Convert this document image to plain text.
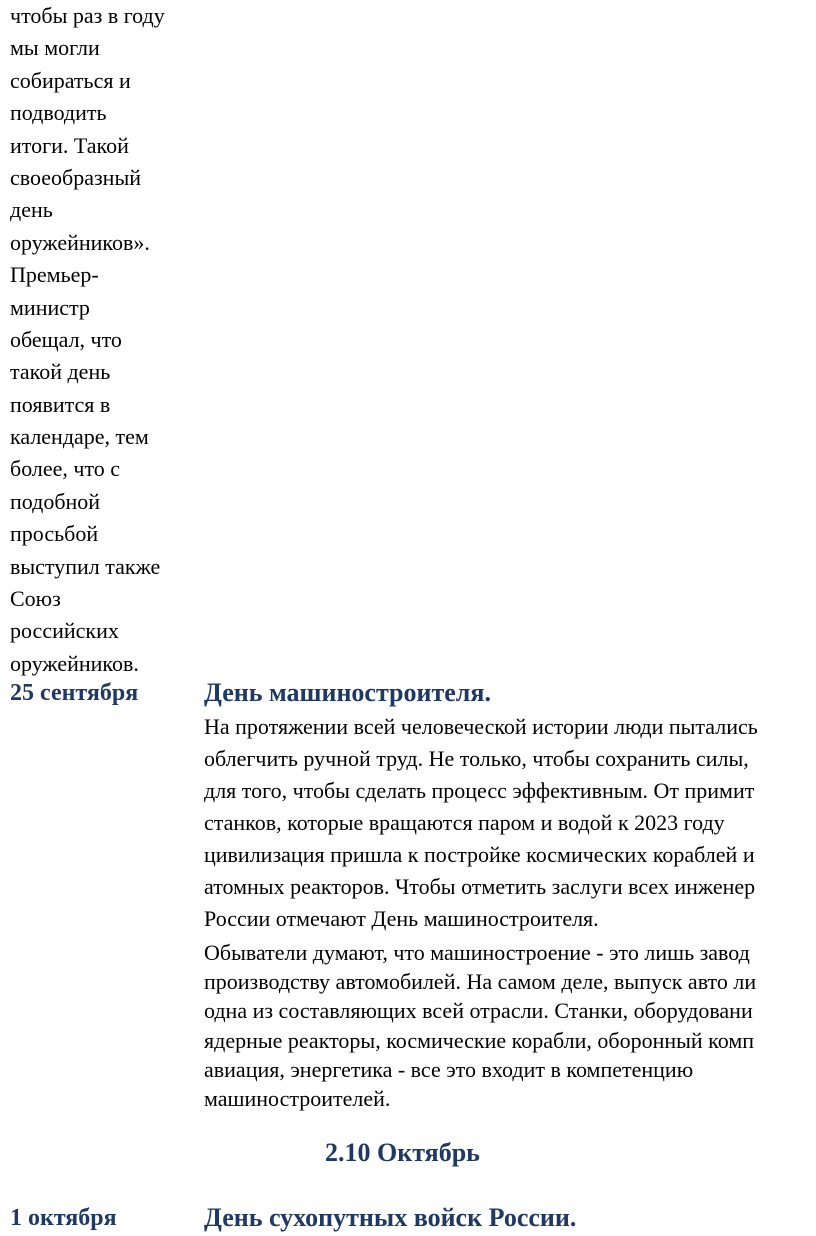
чтобы раз в году
мы могли
собираться и
подводить
итоги. Такой
своеобразный
день
оружейников».
Премьер-
министр
обещал, что
такой день
появится в
календаре, тем
более, что с
подобной
просьбой
выступил также
Союз
российских
оружейников.
25 сентября	День машиностроителя.
На протяжении всей человеческой истории люди пытались
облегчить ручной труд. Не только, чтобы сохранить силы,
для того, чтобы сделать процесс эффективным. От примит
станков, которые вращаются паром и водой к 2023 году
цивилизация пришла к постройке космических кораблей и
атомных реакторов. Чтобы отметить заслуги всех инженер
России отмечают День машиностроителя.
Обыватели думают, что машиностроение - это лишь завод
производству автомобилей. На самом деле, выпуск авто ли
одна из составляющих всей отрасли. Станки, оборудовани
ядерные реакторы, космические корабли, оборонный комп
авиация, энергетика - все это входит в компетенцию
машиностроителей.
2.10 Октябрь
1 октября	День сухопутных войск России.
